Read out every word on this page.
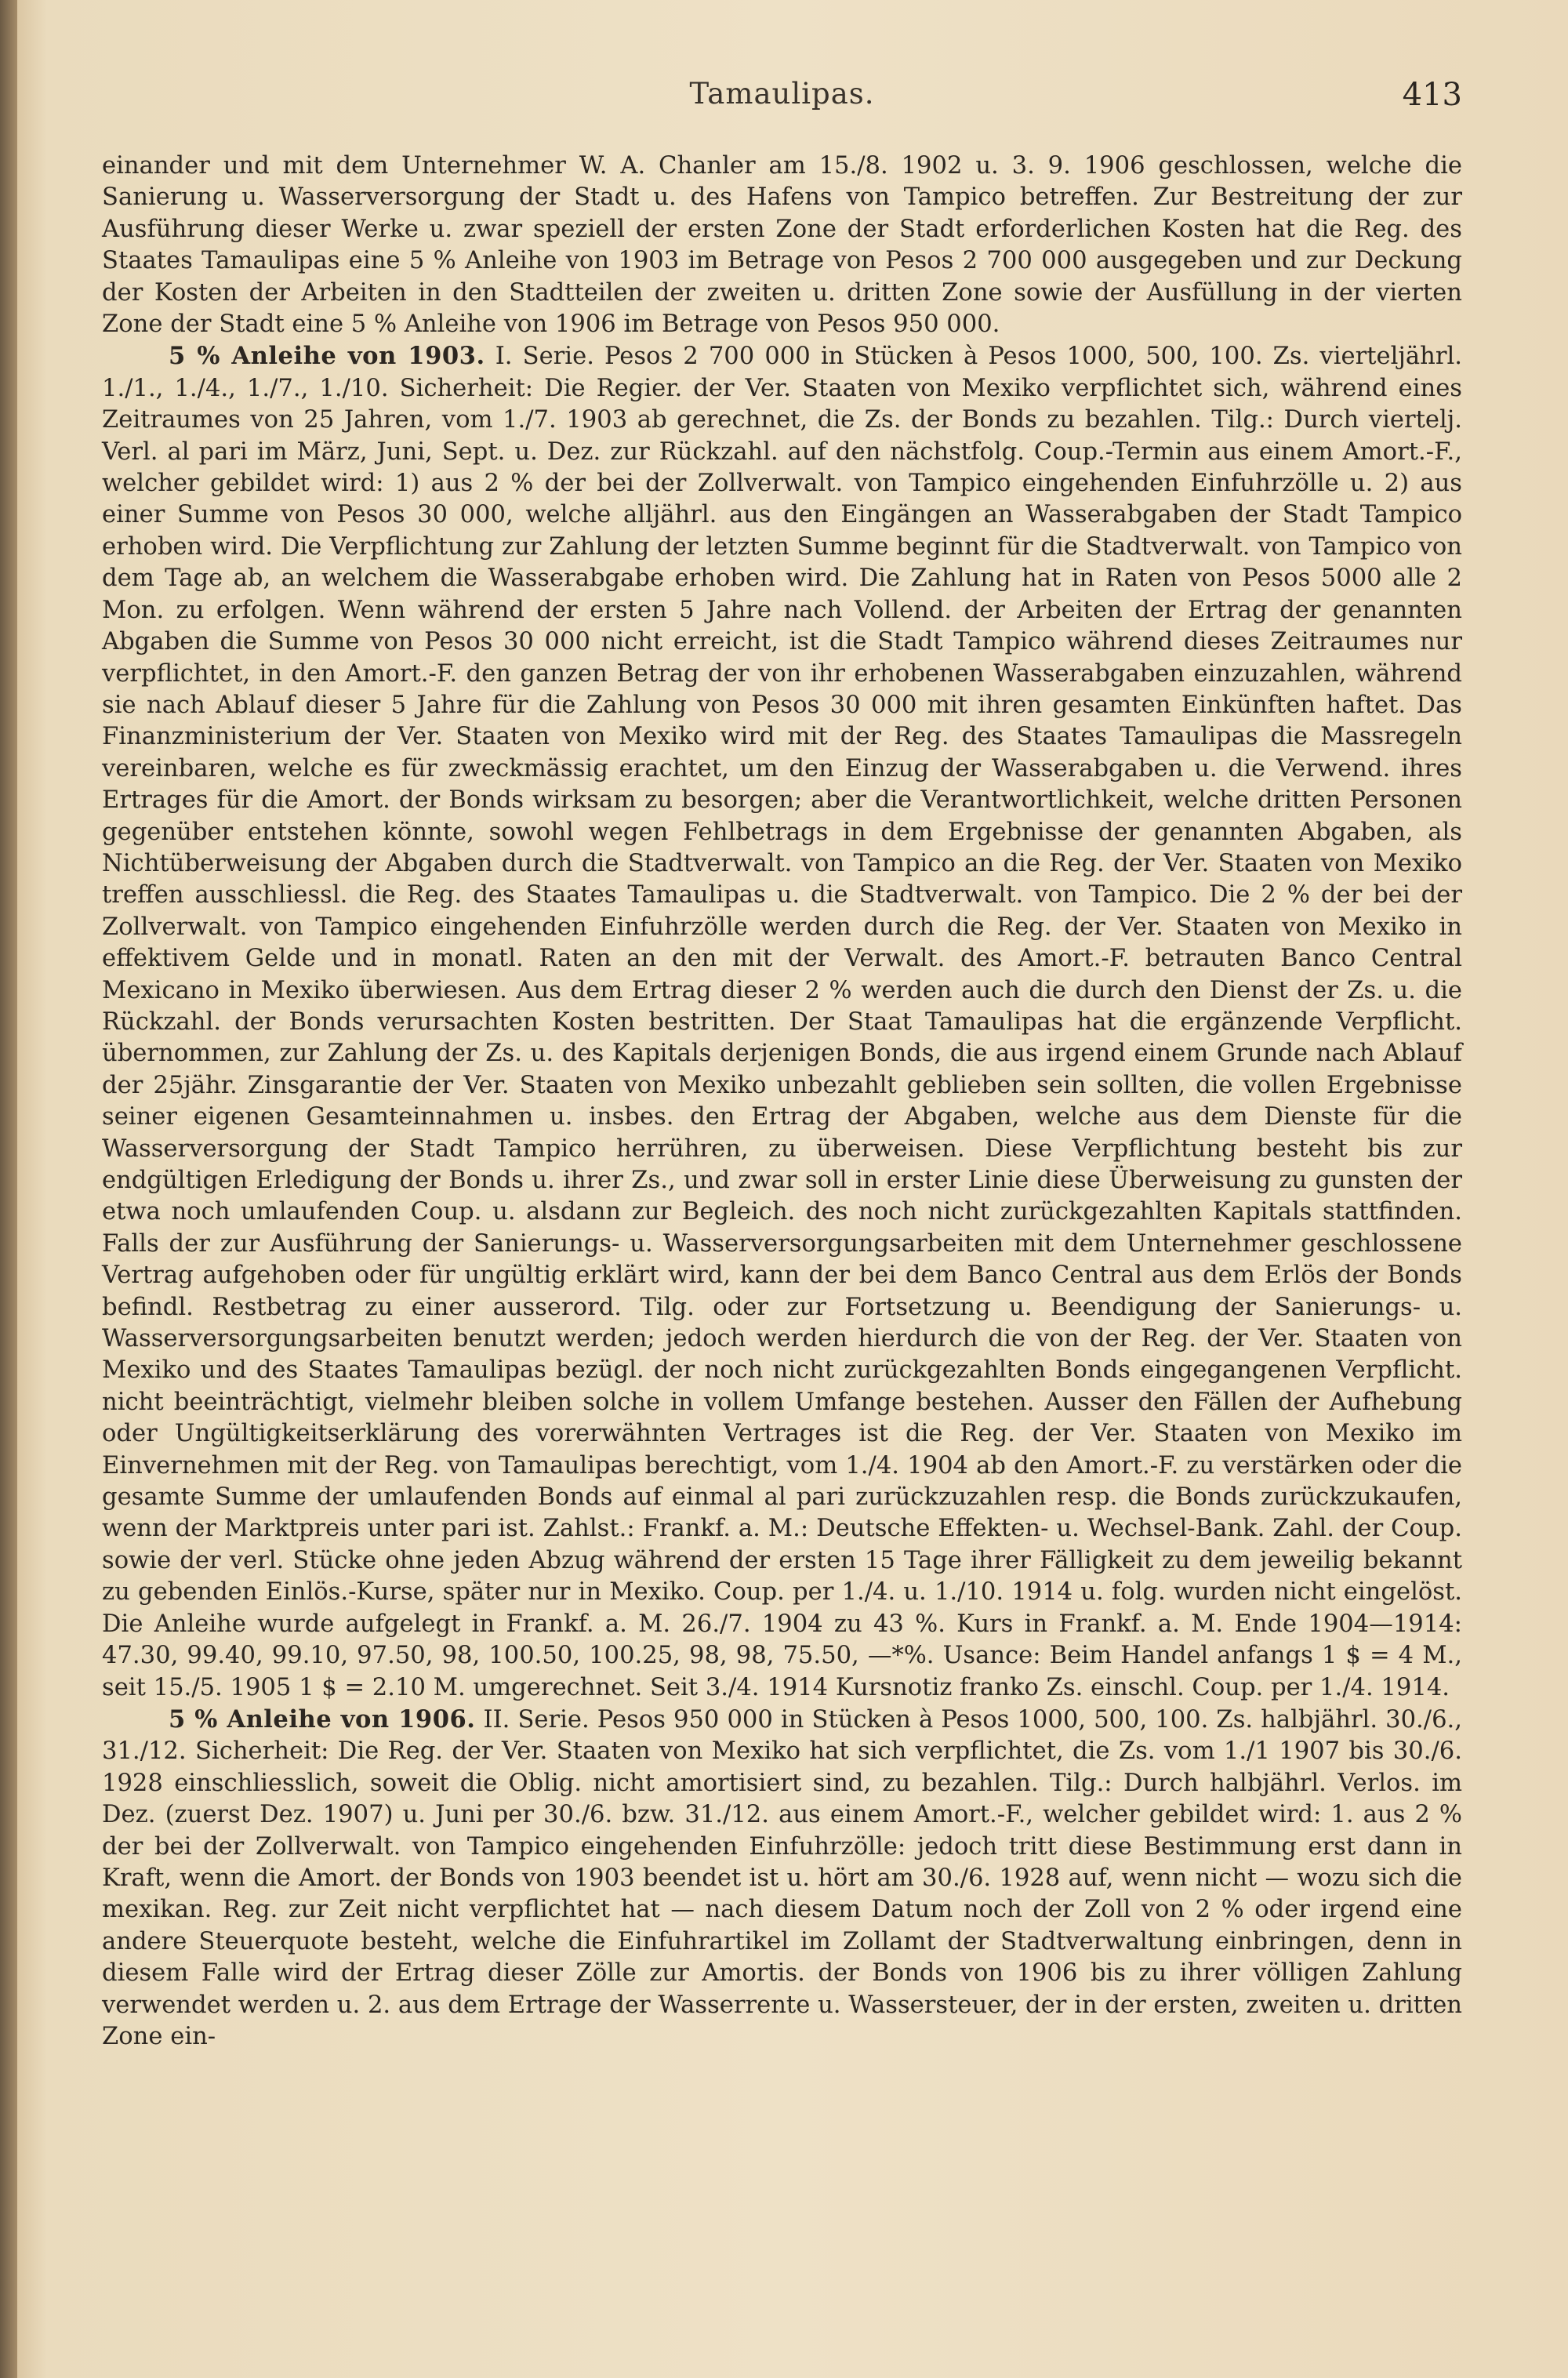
Tamaulipas.	413

einander und mit dem Unternehmer W. A. Chanler am 15./8. 1902 u. 3. 9. 1906 geschlossen, welche die Sanierung u. Wasserversorgung der Stadt u. des Hafens von Tampico betreffen. Zur Bestreitung der zur Ausführung dieser Werke u. zwar speziell der ersten Zone der Stadt erforderlichen Kosten hat die Reg. des Staates Tamaulipas eine 5 % Anleihe von 1903 im Betrage von Pesos 2 700 000 ausgegeben und zur Deckung der Kosten der Arbeiten in den Stadtteilen der zweiten u. dritten Zone sowie der Ausfüllung in der vierten Zone der Stadt eine 5 % Anleihe von 1906 im Betrage von Pesos 950 000.

5 % Anleihe von 1903. I. Serie. Pesos 2 700 000 in Stücken à Pesos 1000, 500, 100. Zs. vierteljährl. 1./1., 1./4., 1./7., 1./10. Sicherheit: Die Regier. der Ver. Staaten von Mexiko verpflichtet sich, während eines Zeitraumes von 25 Jahren, vom 1./7. 1903 ab gerechnet, die Zs. der Bonds zu bezahlen. Tilg.: Durch viertelj. Verl. al pari im März, Juni, Sept. u. Dez. zur Rückzahl. auf den nächstfolg. Coup.-Termin aus einem Amort.-F., welcher gebildet wird: 1) aus 2 % der bei der Zollverwalt. von Tampico eingehenden Einfuhrzölle u. 2) aus einer Summe von Pesos 30 000, welche alljährl. aus den Eingängen an Wasserabgaben der Stadt Tampico erhoben wird. Die Verpflichtung zur Zahlung der letzten Summe beginnt für die Stadtverwalt. von Tampico von dem Tage ab, an welchem die Wasserabgabe erhoben wird. Die Zahlung hat in Raten von Pesos 5000 alle 2 Mon. zu erfolgen. Wenn während der ersten 5 Jahre nach Vollend. der Arbeiten der Ertrag der genannten Abgaben die Summe von Pesos 30 000 nicht erreicht, ist die Stadt Tampico während dieses Zeitraumes nur verpflichtet, in den Amort.-F. den ganzen Betrag der von ihr erhobenen Wasserabgaben einzuzahlen, während sie nach Ablauf dieser 5 Jahre für die Zahlung von Pesos 30 000 mit ihren gesamten Einkünften haftet. Das Finanzministerium der Ver. Staaten von Mexiko wird mit der Reg. des Staates Tamaulipas die Massregeln vereinbaren, welche es für zweckmässig erachtet, um den Einzug der Wasserabgaben u. die Verwend. ihres Ertrages für die Amort. der Bonds wirksam zu besorgen; aber die Verantwortlichkeit, welche dritten Personen gegenüber entstehen könnte, sowohl wegen Fehlbetrags in dem Ergebnisse der genannten Abgaben, als Nichtüberweisung der Abgaben durch die Stadtverwalt. von Tampico an die Reg. der Ver. Staaten von Mexiko treffen ausschliessl. die Reg. des Staates Tamaulipas u. die Stadtverwalt. von Tampico. Die 2 % der bei der Zollverwalt. von Tampico eingehenden Einfuhrzölle werden durch die Reg. der Ver. Staaten von Mexiko in effektivem Gelde und in monatl. Raten an den mit der Verwalt. des Amort.-F. betrauten Banco Central Mexicano in Mexiko überwiesen. Aus dem Ertrag dieser 2 % werden auch die durch den Dienst der Zs. u. die Rückzahl. der Bonds verursachten Kosten bestritten. Der Staat Tamaulipas hat die ergänzende Verpflicht. übernommen, zur Zahlung der Zs. u. des Kapitals derjenigen Bonds, die aus irgend einem Grunde nach Ablauf der 25jähr. Zinsgarantie der Ver. Staaten von Mexiko unbezahlt geblieben sein sollten, die vollen Ergebnisse seiner eigenen Gesamteinnahmen u. insbes. den Ertrag der Abgaben, welche aus dem Dienste für die Wasserversorgung der Stadt Tampico herrühren, zu überweisen. Diese Verpflichtung besteht bis zur endgültigen Erledigung der Bonds u. ihrer Zs., und zwar soll in erster Linie diese Überweisung zu gunsten der etwa noch umlaufenden Coup. u. alsdann zur Begleich. des noch nicht zurückgezahlten Kapitals stattfinden. Falls der zur Ausführung der Sanierungs- u. Wasserversorgungsarbeiten mit dem Unternehmer geschlossene Vertrag aufgehoben oder für ungültig erklärt wird, kann der bei dem Banco Central aus dem Erlös der Bonds befindl. Restbetrag zu einer ausserord. Tilg. oder zur Fortsetzung u. Beendigung der Sanierungs- u. Wasserversorgungsarbeiten benutzt werden; jedoch werden hierdurch die von der Reg. der Ver. Staaten von Mexiko und des Staates Tamaulipas bezügl. der noch nicht zurückgezahlten Bonds eingegangenen Verpflicht. nicht beeinträchtigt, vielmehr bleiben solche in vollem Umfange bestehen. Ausser den Fällen der Aufhebung oder Ungültigkeitserklärung des vorerwähnten Vertrages ist die Reg. der Ver. Staaten von Mexiko im Einvernehmen mit der Reg. von Tamaulipas berechtigt, vom 1./4. 1904 ab den Amort.-F. zu verstärken oder die gesamte Summe der umlaufenden Bonds auf einmal al pari zurückzuzahlen resp. die Bonds zurückzukaufen, wenn der Marktpreis unter pari ist. Zahlst.: Frankf. a. M.: Deutsche Effekten- u. Wechsel-Bank. Zahl. der Coup. sowie der verl. Stücke ohne jeden Abzug während der ersten 15 Tage ihrer Fälligkeit zu dem jeweilig bekannt zu gebenden Einlös.-Kurse, später nur in Mexiko. Coup. per 1./4. u. 1./10. 1914 u. folg. wurden nicht eingelöst. Die Anleihe wurde aufgelegt in Frankf. a. M. 26./7. 1904 zu 43 %. Kurs in Frankf. a. M. Ende 1904—1914: 47.30, 99.40, 99.10, 97.50, 98, 100.50, 100.25, 98, 98, 75.50, —*%. Usance: Beim Handel anfangs 1 $ = 4 M., seit 15./5. 1905 1 $ = 2.10 M. umgerechnet. Seit 3./4. 1914 Kursnotiz franko Zs. einschl. Coup. per 1./4. 1914.

5 % Anleihe von 1906. II. Serie. Pesos 950 000 in Stücken à Pesos 1000, 500, 100. Zs. halbjährl. 30./6., 31./12. Sicherheit: Die Reg. der Ver. Staaten von Mexiko hat sich verpflichtet, die Zs. vom 1./1 1907 bis 30./6. 1928 einschliesslich, soweit die Oblig. nicht amortisiert sind, zu bezahlen. Tilg.: Durch halbjährl. Verlos. im Dez. (zuerst Dez. 1907) u. Juni per 30./6. bzw. 31./12. aus einem Amort.-F., welcher gebildet wird: 1. aus 2 % der bei der Zollverwalt. von Tampico eingehenden Einfuhrzölle: jedoch tritt diese Bestimmung erst dann in Kraft, wenn die Amort. der Bonds von 1903 beendet ist u. hört am 30./6. 1928 auf, wenn nicht — wozu sich die mexikan. Reg. zur Zeit nicht verpflichtet hat — nach diesem Datum noch der Zoll von 2 % oder irgend eine andere Steuerquote besteht, welche die Einfuhrartikel im Zollamt der Stadtverwaltung einbringen, denn in diesem Falle wird der Ertrag dieser Zölle zur Amortis. der Bonds von 1906 bis zu ihrer völligen Zahlung verwendet werden u. 2. aus dem Ertrage der Wasserrente u. Wassersteuer, der in der ersten, zweiten u. dritten Zone ein-
